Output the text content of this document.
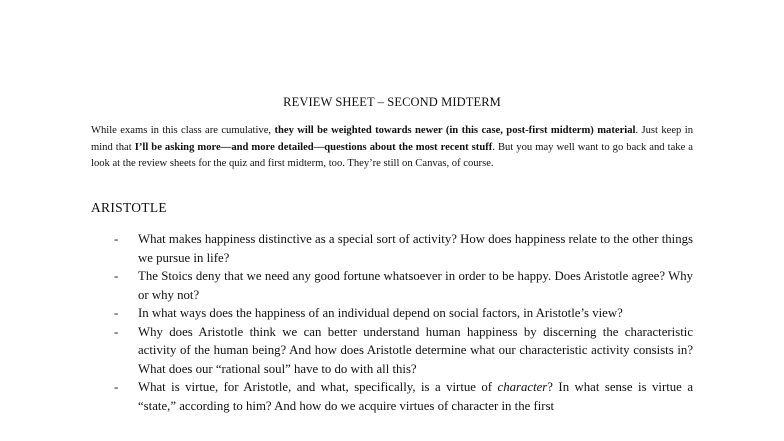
REVIEW SHEET – SECOND MIDTERM

While exams in this class are cumulative, they will be weighted towards newer (in this case, post-first midterm) material. Just keep in mind that I’ll be asking more—and more detailed—questions about the most recent stuff. But you may well want to go back and take a look at the review sheets for the quiz and first midterm, too. They’re still on Canvas, of course.

ARISTOTLE
- What makes happiness distinctive as a special sort of activity? How does happiness relate to the other things we pursue in life?
- The Stoics deny that we need any good fortune whatsoever in order to be happy. Does Aristotle agree? Why or why not?
- In what ways does the happiness of an individual depend on social factors, in Aristotle’s view?
- Why does Aristotle think we can better understand human happiness by discerning the characteristic activity of the human being? And how does Aristotle determine what our characteristic activity consists in? What does our “rational soul” have to do with all this?
- What is virtue, for Aristotle, and what, specifically, is a virtue of character? In what sense is virtue a “state,” according to him? And how do we acquire virtues of character in the first
